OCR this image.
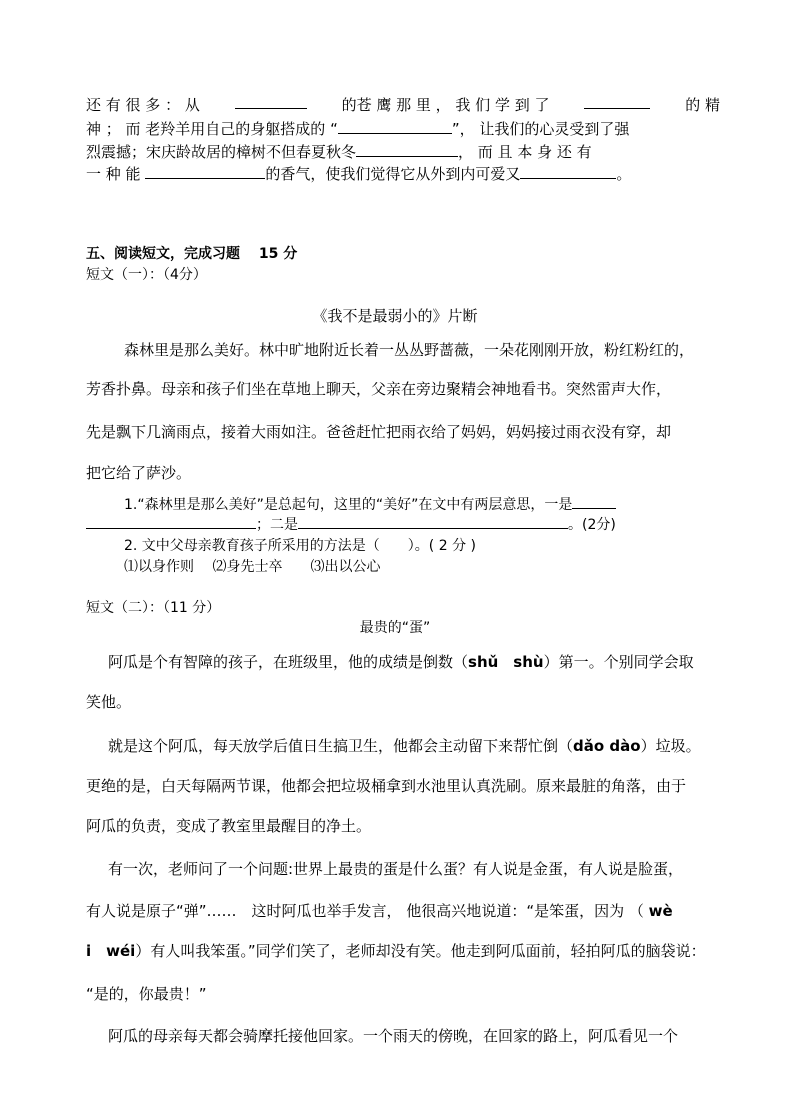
还 有 很 多 ： 从	的苍 鹰 那 里 ， 我 们 学 到 了	的 精
神 ； 而 老羚羊用自己的身躯搭成的 “	”， 让我们的心灵受到了强
烈震撼；宋庆龄故居的樟树不但春夏秋冬	， 而 且 本 身 还 有
一 种 能	的香气，使我们觉得它从外到内可爱又	。
五、阅读短文，完成习题　 15 分
短文（一）：（4分）
《我不是最弱小的》片断
森林里是那么美好。林中旷地附近长着一丛丛野蔷薇，一朵花刚刚开放，粉红粉红的，
芳香扑鼻。母亲和孩子们坐在草地上聊天，父亲在旁边聚精会神地看书。突然雷声大作，
先是飘下几滴雨点，接着大雨如注。爸爸赶忙把雨衣给了妈妈，妈妈接过雨衣没有穿，却
把它给了萨沙。
1.“森林里是那么美好”是总起句，这里的“美好”在文中有两层意思，一是
；二是	。(2分)
2. 文中父母亲教育孩子所采用的方法是（　　）。( 2 分 )
⑴以身作则　 ⑵身先士卒　　⑶出以公心
短文（二）：（11 分）
最贵的“蛋”
阿瓜是个有智障的孩子，在班级里，他的成绩是倒数（shǔ　shù）第一。个别同学会取
笑他。
就是这个阿瓜，每天放学后值日生搞卫生，他都会主动留下来帮忙倒（dǎo dào）垃圾。
更绝的是，白天每隔两节课，他都会把垃圾桶拿到水池里认真洗刷。原来最脏的角落，由于
阿瓜的负责，变成了教室里最醒目的净土。
有一次，老师问了一个问题:世界上最贵的蛋是什么蛋？有人说是金蛋，有人说是脸蛋，
有人说是原子“弹”……　这时阿瓜也举手发言， 他很高兴地说道：“是笨蛋，因为 （ wè
i　wéi）有人叫我笨蛋。”同学们笑了，老师却没有笑。他走到阿瓜面前，轻拍阿瓜的脑袋说：
“是的，你最贵！”
阿瓜的母亲每天都会骑摩托接他回家。一个雨天的傍晚，在回家的路上，阿瓜看见一个
